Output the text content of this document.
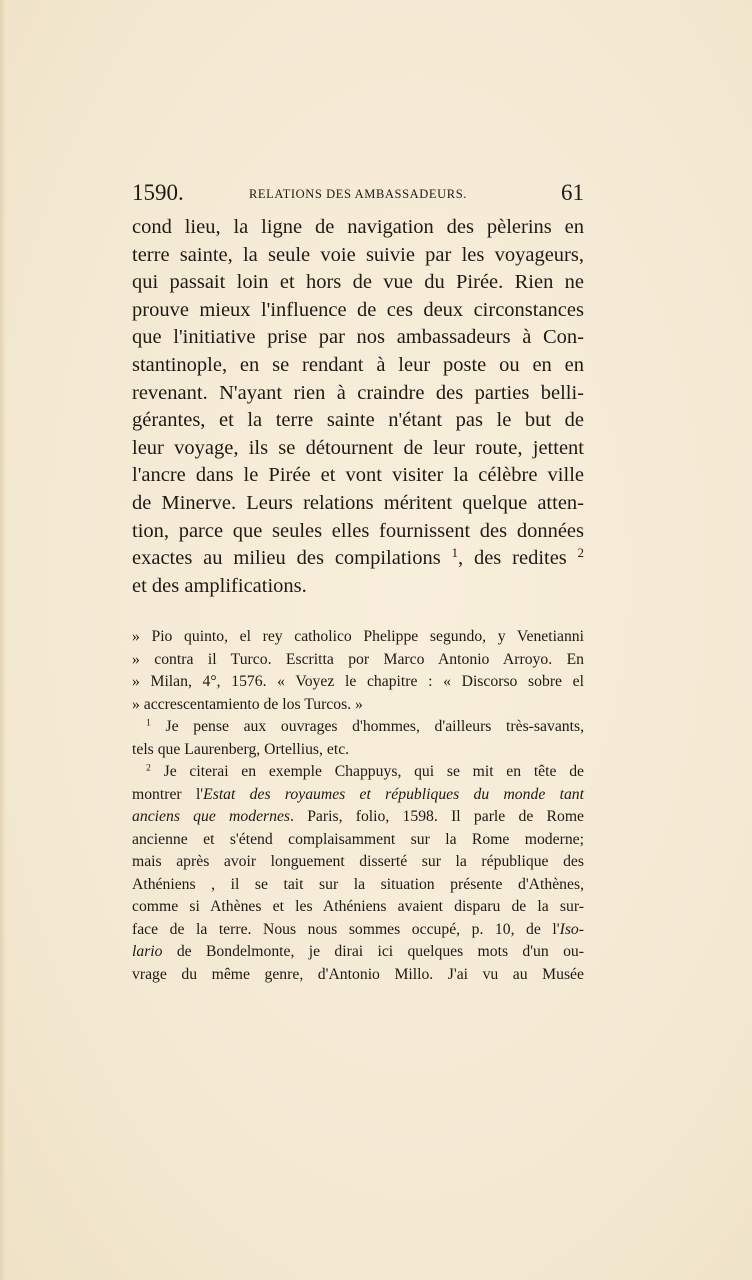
1590.	RELATIONS DES AMBASSADEURS.	61
cond lieu, la ligne de navigation des pèlerins en
terre sainte, la seule voie suivie par les voyageurs,
qui passait loin et hors de vue du Pirée. Rien ne
prouve mieux l'influence de ces deux circonstances
que l'initiative prise par nos ambassadeurs à Con-
stantinople, en se rendant à leur poste ou en en
revenant. N'ayant rien à craindre des parties belli-
gérantes, et la terre sainte n'étant pas le but de
leur voyage, ils se détournent de leur route, jettent
l'ancre dans le Pirée et vont visiter la célèbre ville
de Minerve. Leurs relations méritent quelque atten-
tion, parce que seules elles fournissent des données
exactes au milieu des compilations $^1$, des redites $^2$
et des amplifications.
» Pio quinto, el rey catholico Phelippe segundo, y Venetianni
» contra il Turco. Escritta por Marco Antonio Arroyo. En
» Milan, 4°, 1576. « Voyez le chapitre : « Discorso sobre el
» accrescentamiento de los Turcos. »
$^1$ Je pense aux ouvrages d'hommes, d'ailleurs très-savants,
tels que Laurenberg, Ortellius, etc.
$^2$ Je citerai en exemple Chappuys, qui se mit en tête de
montrer l'Estat des royaumes et républiques du monde tant
anciens que modernes. Paris, folio, 1598. Il parle de Rome
ancienne et s'étend complaisamment sur la Rome moderne;
mais après avoir longuement disserté sur la république des
Athéniens , il se tait sur la situation présente d'Athènes,
comme si Athènes et les Athéniens avaient disparu de la sur-
face de la terre. Nous nous sommes occupé, p. 10, de l'Iso-
lario de Bondelmonte, je dirai ici quelques mots d'un ou-
vrage du même genre, d'Antonio Millo. J'ai vu au Musée
